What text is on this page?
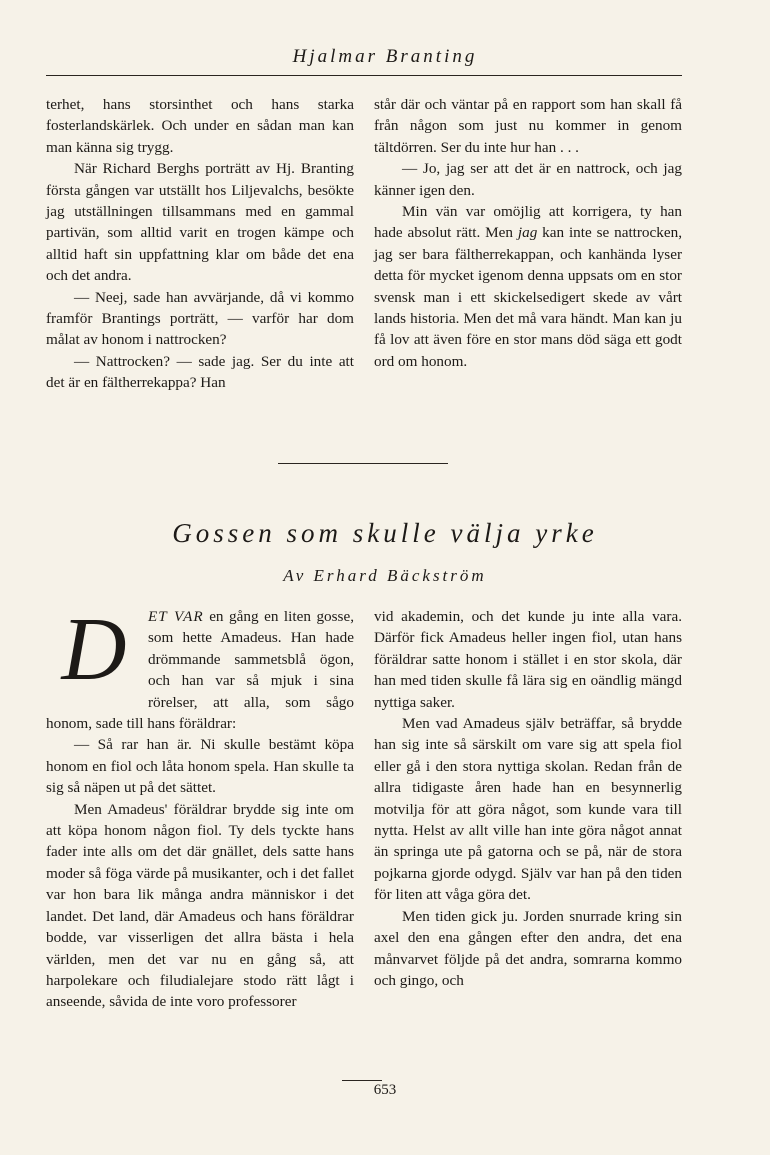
Hjalmar Branting

terhet, hans storsinthet och hans starka fosterlandskärlek. Och under en sådan man kan man känna sig trygg.

När Richard Berghs porträtt av Hj. Branting första gången var utställt hos Liljevalchs, besökte jag utställningen tillsammans med en gammal partivän, som alltid varit en trogen kämpe och alltid haft sin uppfattning klar om både det ena och det andra.

— Neej, sade han avvärjande, då vi kommo framför Brantings porträtt, — varför har dom målat av honom i nattrocken?

— Nattrocken? — sade jag. Ser du inte att det är en fältherrekappa? Han

står där och väntar på en rapport som han skall få från någon som just nu kommer in genom tältdörren. Ser du inte hur han . . .

— Jo, jag ser att det är en nattrock, och jag känner igen den.

Min vän var omöjlig att korrigera, ty han hade absolut rätt. Men jag kan inte se nattrocken, jag ser bara fältherrekappan, och kanhända lyser detta för mycket igenom denna uppsats om en stor svensk man i ett skickelsedigert skede av vårt lands historia. Men det må vara händt. Man kan ju få lov att även före en stor mans död säga ett godt ord om honom.

Gossen som skulle välja yrke
Av Erhard Bäckström

D	ET VAR en gång en liten gosse, som hette Amadeus. Han hade drömmande sammetsblå ögon, och han var så mjuk i sina rörelser, att alla, som sågo honom, sade till hans föräldrar:

— Så rar han är. Ni skulle bestämt köpa honom en fiol och låta honom spela. Han skulle ta sig så näpen ut på det sättet.

Men Amadeus' föräldrar brydde sig inte om att köpa honom någon fiol. Ty dels tyckte hans fader inte alls om det där gnället, dels satte hans moder så föga värde på musikanter, och i det fallet var hon bara lik många andra människor i det landet. Det land, där Amadeus och hans föräldrar bodde, var visserligen det allra bästa i hela världen, men det var nu en gång så, att harpolekare och filudialejare stodo rätt lågt i anseende, såvida de inte voro professorer

vid akademin, och det kunde ju inte alla vara. Därför fick Amadeus heller ingen fiol, utan hans föräldrar satte honom i stället i en stor skola, där han med tiden skulle få lära sig en oändlig mängd nyttiga saker.

Men vad Amadeus själv beträffar, så brydde han sig inte så särskilt om vare sig att spela fiol eller gå i den stora nyttiga skolan. Redan från de allra tidigaste åren hade han en besynnerlig motvilja för att göra något, som kunde vara till nytta. Helst av allt ville han inte göra något annat än springa ute på gatorna och se på, när de stora pojkarna gjorde odygd. Själv var han på den tiden för liten att våga göra det.

Men tiden gick ju. Jorden snurrade kring sin axel den ena gången efter den andra, det ena månvarvet följde på det andra, somrarna kommo och gingo, och

653
